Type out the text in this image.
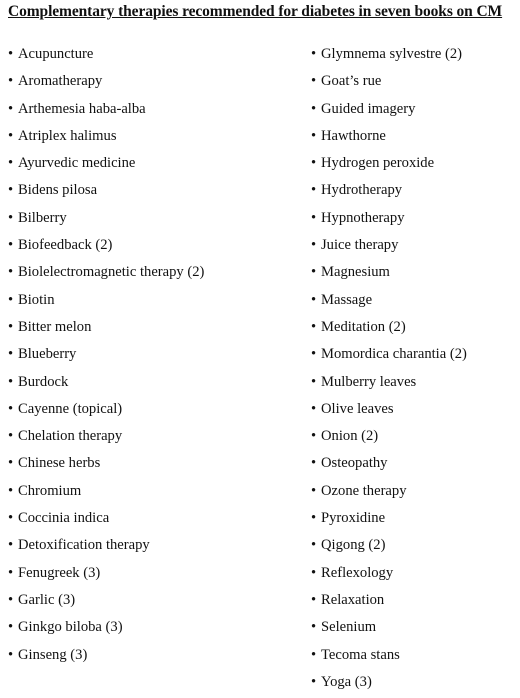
Complementary therapies recommended for diabetes in seven books on CM
• Acupuncture
• Aromatherapy
• Arthemesia haba-alba
• Atriplex halimus
• Ayurvedic medicine
• Bidens pilosa
• Bilberry
• Biofeedback (2)
• Biolelectromagnetic therapy (2)
• Biotin
• Bitter melon
• Blueberry
• Burdock
• Cayenne (topical)
• Chelation therapy
• Chinese herbs
• Chromium
• Coccinia indica
• Detoxification therapy
• Fenugreek (3)
• Garlic (3)
• Ginkgo biloba (3)
• Ginseng (3)
• Glymnema sylvestre (2)
• Goat’s rue
• Guided imagery
• Hawthorne
• Hydrogen peroxide
• Hydrotherapy
• Hypnotherapy
• Juice therapy
• Magnesium
• Massage
• Meditation (2)
• Momordica charantia (2)
• Mulberry leaves
• Olive leaves
• Onion (2)
• Osteopathy
• Ozone therapy
• Pyroxidine
• Qigong (2)
• Reflexology
• Relaxation
• Selenium
• Tecoma stans
• Yoga (3)
